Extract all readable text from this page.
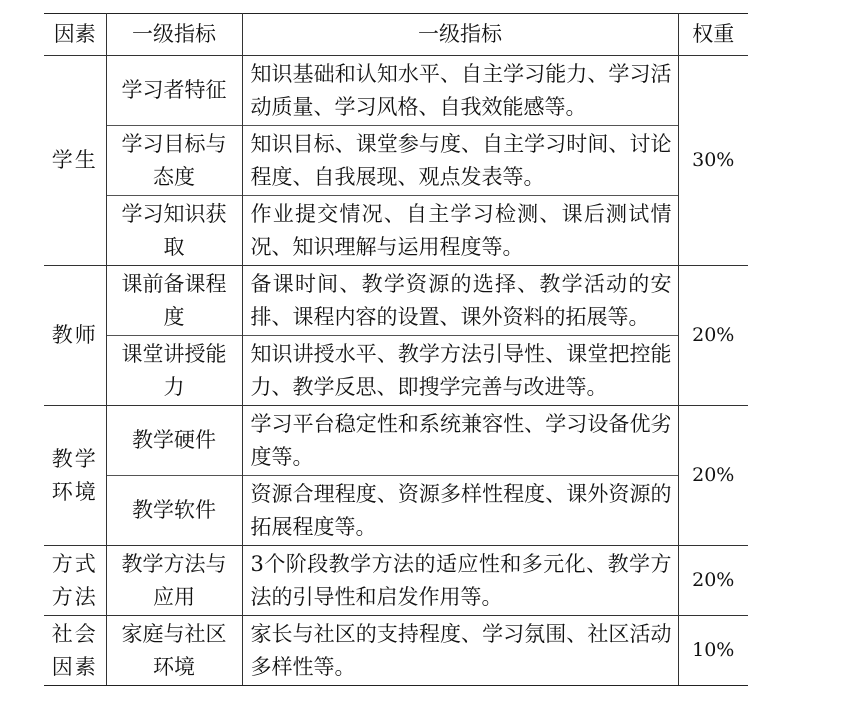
因素	一级指标	一级指标	权重
学生	学习者特征	知识基础和认知水平、自主学习能力、学习活动质量、学习风格、自我效能感等。	30%
	学习目标与态度	知识目标、课堂参与度、自主学习时间、讨论程度、自我展现、观点发表等。	
	学习知识获取	作业提交情况、自主学习检测、课后测试情况、知识理解与运用程度等。	
教师	课前备课程度	备课时间、教学资源的选择、教学活动的安排、课程内容的设置、课外资料的拓展等。	20%
	课堂讲授能力	知识讲授水平、教学方法引导性、课堂把控能力、教学反思、即搜学完善与改进等。	
教学环境	教学硬件	学习平台稳定性和系统兼容性、学习设备优劣度等。	20%
	教学软件	资源合理程度、资源多样性程度、课外资源的拓展程度等。	
方式方法	教学方法与应用	3个阶段教学方法的适应性和多元化、教学方法的引导性和启发作用等。	20%
社会因素	家庭与社区环境	家长与社区的支持程度、学习氛围、社区活动多样性等。	10%
